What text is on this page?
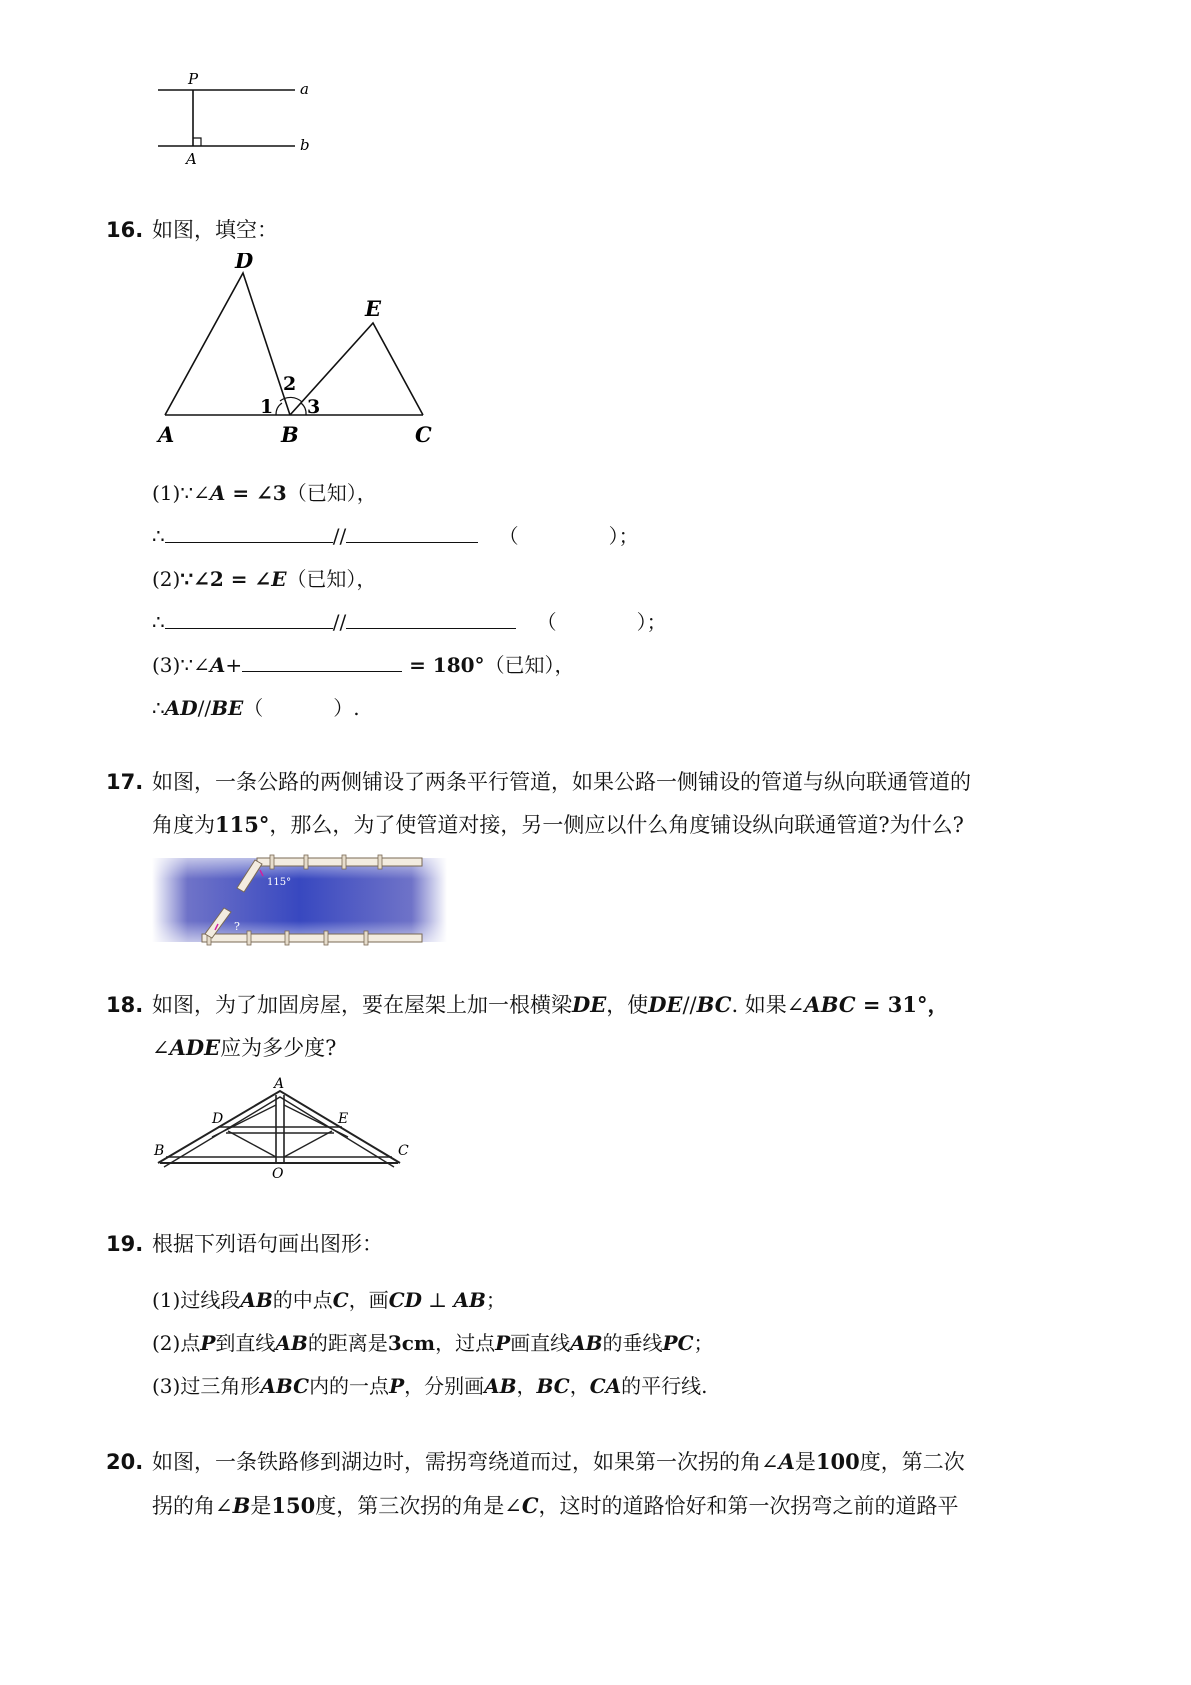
P
A
a
b
16. 如图，填空：
D
E
A	B	C
1
2
3
(1)∵∠A = ∠3（已知），
∴	//	（	）；
(2)∵∠2 = ∠E（已知），
∴	//	（	）；
(3)∵∠A+	= 180°（已知），
∴AD//BE（	）.
17. 如图，一条公路的两侧铺设了两条平行管道，如果公路一侧铺设的管道与纵向联通管道的
角度为115°，那么，为了使管道对接，另一侧应以什么角度铺设纵向联通管道?为什么?
115°
?
18. 如图，为了加固房屋，要在屋架上加一根横梁DE，使DE//BC. 如果∠ABC = 31°，
∠ADE应为多少度?
A
D	E
B	C
O
19. 根据下列语句画出图形：
(1)过线段AB的中点C，画CD ⊥ AB；
(2)点P到直线AB的距离是3cm，过点P画直线AB的垂线PC；
(3)过三角形ABC内的一点P，分别画AB，BC，CA的平行线.
20. 如图，一条铁路修到湖边时，需拐弯绕道而过，如果第一次拐的角∠A是100度，第二次
拐的角∠B是150度，第三次拐的角是∠C，这时的道路恰好和第一次拐弯之前的道路平
